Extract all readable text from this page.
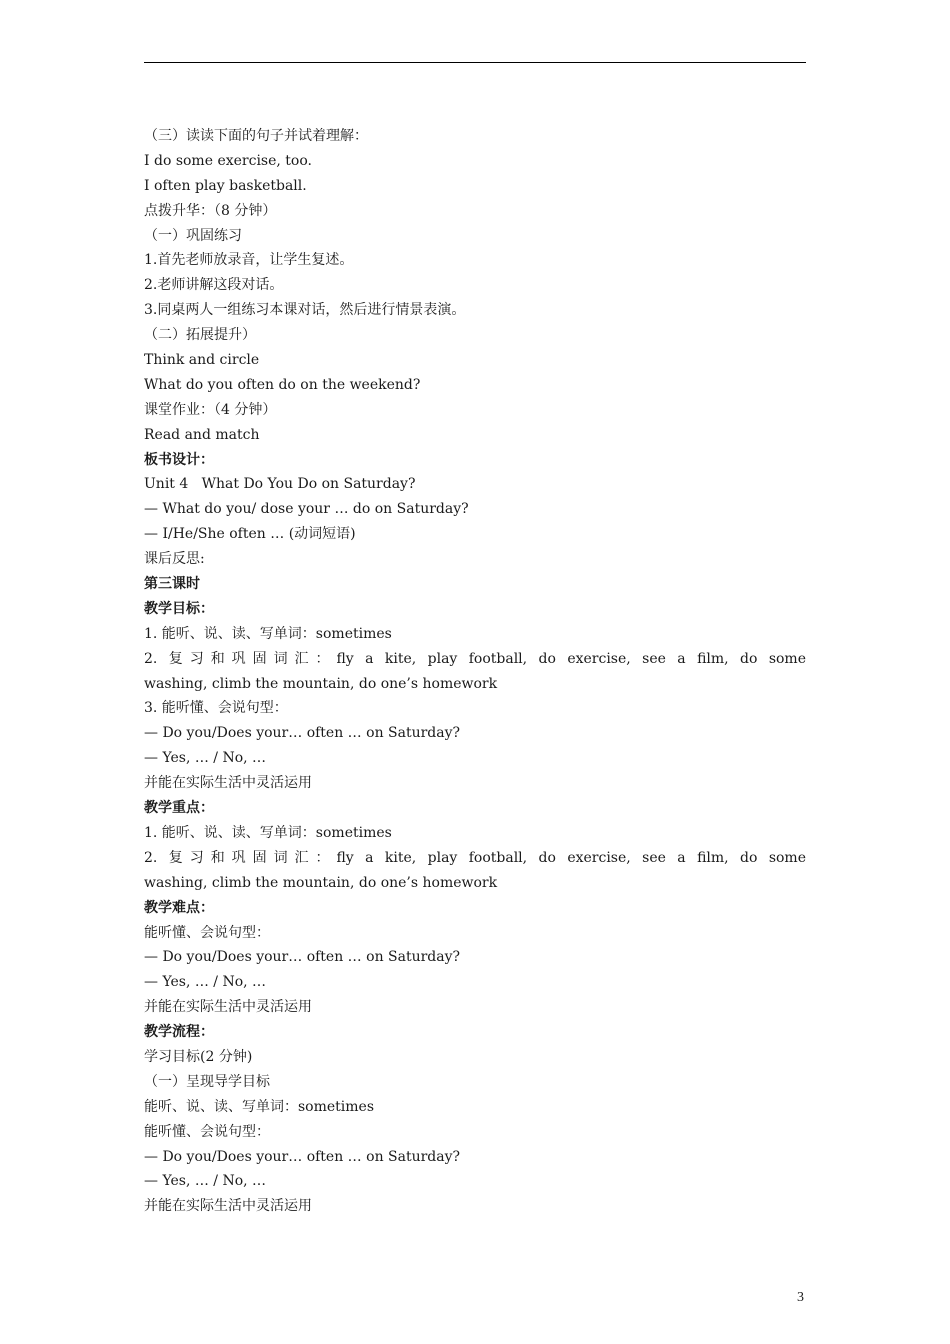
（三）读读下面的句子并试着理解：
I do some exercise, too.
I often play basketball.
点拨升华：（8 分钟）
（一）巩固练习
1.首先老师放录音，让学生复述。
2.老师讲解这段对话。
3.同桌两人一组练习本课对话，然后进行情景表演。
（二）拓展提升）
Think and circle
What do you often do on the weekend?
课堂作业：（4 分钟）
Read and match
板书设计：
Unit 4   What Do You Do on Saturday?
— What do you/ dose your … do on Saturday?
— I/He/She often … (动词短语)
课后反思:
第三课时
教学目标：
1. 能听、说、读、写单词：sometimes
2. 复习和巩固词汇：fly a kite, play football, do exercise, see a film, do some
washing, climb the mountain, do one’s homework
3. 能听懂、会说句型：
— Do you/Does your… often … on Saturday?
— Yes, … / No, …
并能在实际生活中灵活运用
教学重点：
1. 能听、说、读、写单词：sometimes
2. 复习和巩固词汇：fly a kite, play football, do exercise, see a film, do some
washing, climb the mountain, do one’s homework
教学难点：
能听懂、会说句型：
— Do you/Does your… often … on Saturday?
— Yes, … / No, …
并能在实际生活中灵活运用
教学流程：
学习目标(2 分钟)
（一）呈现导学目标
能听、说、读、写单词：sometimes
能听懂、会说句型：
— Do you/Does your… often … on Saturday?
— Yes, … / No, …
并能在实际生活中灵活运用
3
